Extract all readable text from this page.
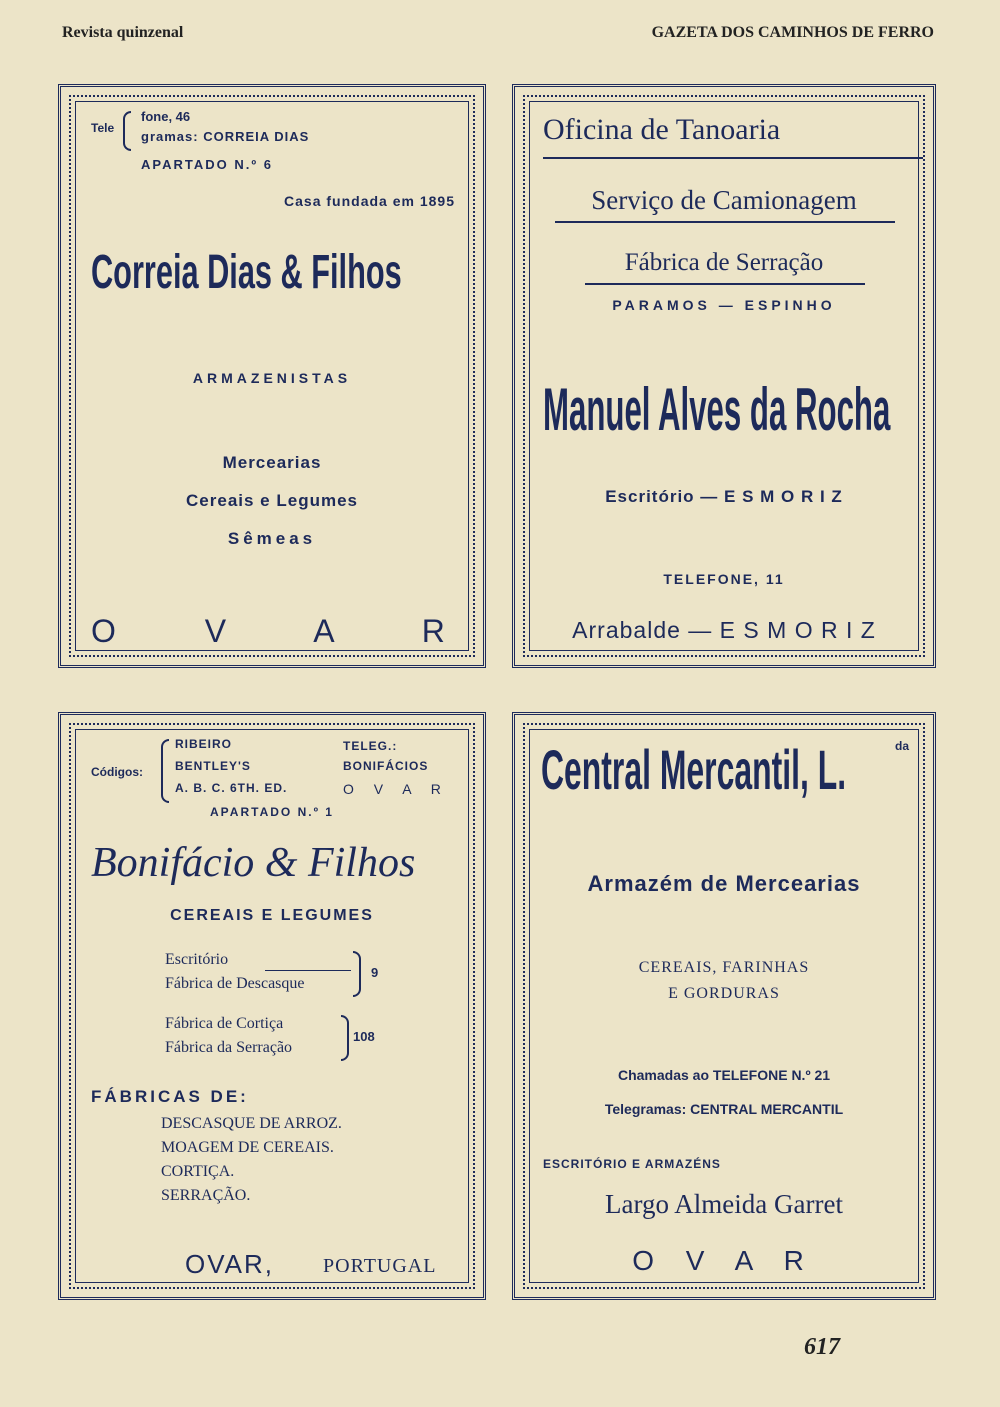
Revista quinzenal	GAZETA DOS CAMINHOS DE FERRO
Tele
fone, 46
gramas: CORREIA DIAS
APARTADO N.º 6
Casa fundada em 1895
Correia Dias & Filhos
ARMAZENISTAS
Mercearias
Cereais e Legumes
Sêmeas
O V A R
Oficina de Tanoaria
Serviço de Camionagem
Fábrica de Serração
PARAMOS — ESPINHO
Manuel Alves da Rocha
Escritório — E S M O R I Z
TELEFONE, 11
Arrabalde — E S M O R I Z
Códigos:
RIBEIRO
BENTLEY'S
A. B. C. 6TH. ED.
TELEG.:
BONIFÁCIOS
O V A R
APARTADO N.º 1
Bonifácio & Filhos
CEREAIS E LEGUMES
Escritório
Fábrica de Descasque
9
Fábrica de Cortiça
Fábrica da Serração
108
FÁBRICAS DE:
DESCASQUE DE ARROZ.
MOAGEM DE CEREAIS.
CORTIÇA.
SERRAÇÃO.
OVAR, PORTUGAL
Central Mercantil, L.	da
Armazém de Mercearias
CEREAIS, FARINHAS
E GORDURAS
Chamadas ao TELEFONE N.º 21
Telegramas: CENTRAL MERCANTIL
ESCRITÓRIO E ARMAZÉNS
Largo Almeida Garret
O V A R
617
